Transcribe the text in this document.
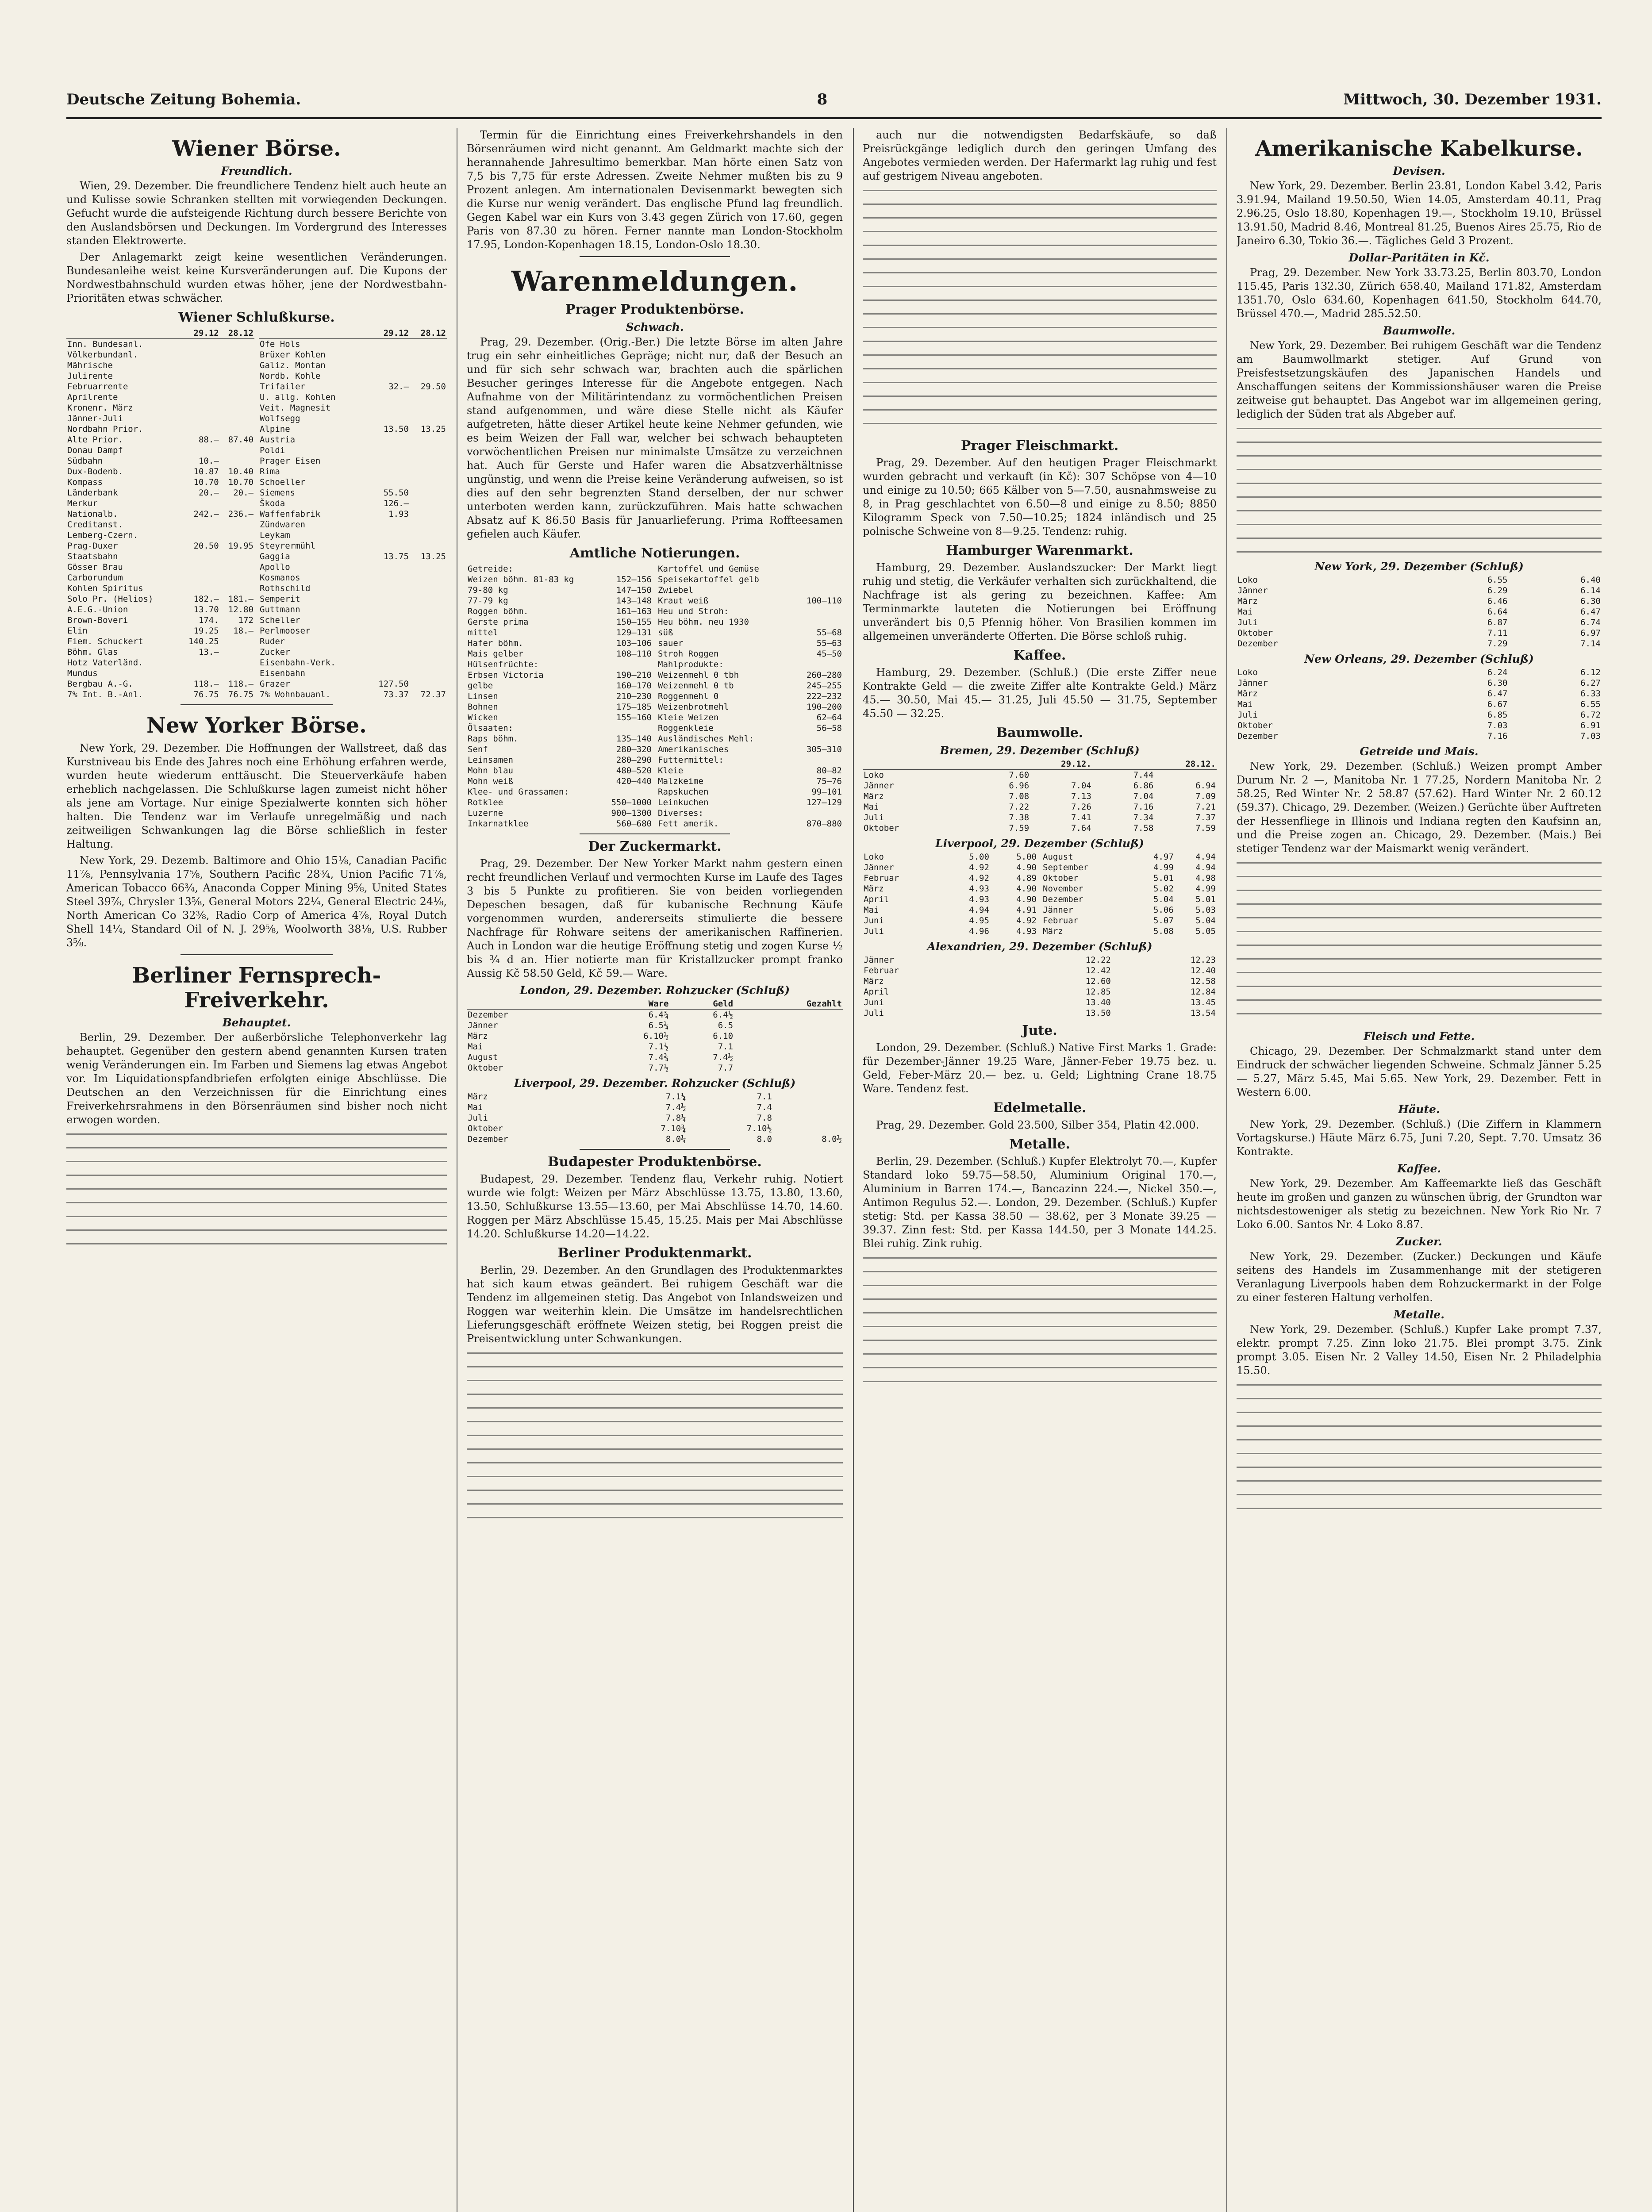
Deutsche Zeitung Bohemia.	8	Mittwoch, 30. Dezember 1931.
Wiener Börse.
Freundlich.

Wien, 29. Dezember. Die freundlichere Tendenz hielt auch heute an und Kulisse sowie Schranken stellten mit vorwiegenden Deckungen. Gefucht wurde die aufsteigende Richtung durch bessere Berichte von den Auslandsbörsen und Deckungen. Im Vordergrund des Interesses standen Elektrowerte.

Der Anlagemarkt zeigt keine wesentlichen Veränderungen. Bundesanleihe weist keine Kursveränderungen auf. Die Kupons der Nordwestbahnschuld wurden etwas höher, jene der Nordwestbahn-Prioritäten etwas schwächer.

Wiener Schlußkurse.
	29.12	28.12
Inn. Bundesanl.		
Völkerbundanl.		
Mährische		
Julirente		
Februarrente		
Aprilrente		
Kronenr. März		
Jänner-Juli		
Nordbahn Prior.		
Alte Prior.	88.—	87.40
Donau Dampf		
Südbahn	10.—	
Dux-Bodenb.	10.87	10.40
Kompass	10.70	10.70
Länderbank	20.—	20.—
Merkur		
Nationalb.	242.—	236.—
Creditanst.		
Lemberg-Czern.		
Prag-Duxer	20.50	19.95
Staatsbahn		
Gösser Brau		
Carborundum		
Kohlen Spiritus		
Solo Pr. (Helios)	182.—	181.—
A.E.G.-Union	13.70	12.80
Brown-Boveri	174.	172
Elin	19.25	18.—
Fiem. Schuckert	140.25	
Böhm. Glas	13.—	
Hotz Vaterländ.		
Mundus		
Bergbau A.-G.	118.—	118.—
7% Int. B.-Anl.	76.75	76.75
	29.12	28.12
Ofe Hols		
Brüxer Kohlen		
Galiz. Montan		
Nordb. Kohle		
Trifailer	32.—	29.50
U. allg. Kohlen		
Veit. Magnesit		
Wolfsegg		
Alpine	13.50	13.25
Austria		
Poldi		
Prager Eisen		
Rima		
Schoeller		
Siemens	55.50	
Škoda	126.—	
Waffenfabrik	1.93	
Zündwaren		
Leykam		
Steyrermühl		
Gaggia	13.75	13.25
Apollo		
Kosmanos		
Rothschild		
Semperit		
Guttmann		
Scheller		
Perlmooser		
Ruder		
Zucker		
Eisenbahn-Verk.		
Eisenbahn		
Grazer	127.50	
7% Wohnbauanl.	73.37	72.37
New Yorker Börse.

New York, 29. Dezember. Die Hoffnungen der Wallstreet, daß das Kurstniveau bis Ende des Jahres noch eine Erhöhung erfahren werde, wurden heute wiederum enttäuscht. Die Steuerverkäufe haben erheblich nachgelassen. Die Schlußkurse lagen zumeist nicht höher als jene am Vortage. Nur einige Spezialwerte konnten sich höher halten. Die Tendenz war im Verlaufe unregelmäßig und nach zeitweiligen Schwankungen lag die Börse schließlich in fester Haltung.

New York, 29. Dezemb. Baltimore and Ohio 15⅛, Canadian Pacific 11⅞, Pennsylvania 17⅝, Southern Pacific 28¾, Union Pacific 71⅞, American Tobacco 66¾, Anaconda Copper Mining 9⅝, United States Steel 39⅞, Chrysler 13⅝, General Motors 22¼, General Electric 24⅛, North American Co 32⅜, Radio Corp of America 4⅞, Royal Dutch Shell 14¼, Standard Oil of N. J. 29⅝, Woolworth 38⅛, U.S. Rubber 3⅝.

Berliner Fernsprech-Freiverkehr.
Behauptet.

Berlin, 29. Dezember. Der außerbörsliche Telephonverkehr lag behauptet. Gegenüber den gestern abend genannten Kursen traten wenig Veränderungen ein. Im Farben und Siemens lag etwas Angebot vor. Im Liquidationspfandbriefen erfolgten einige Abschlüsse. Die Deutschen an den Verzeichnissen für die Einrichtung eines Freiverkehrsrahmens in den Börsenräumen sind bisher noch nicht erwogen worden.

Termin für die Einrichtung eines Freiverkehrshandels in den Börsenräumen wird nicht genannt. Am Geldmarkt machte sich der herannahende Jahresultimo bemerkbar. Man hörte einen Satz von 7,5 bis 7,75 für erste Adressen. Zweite Nehmer mußten bis zu 9 Prozent anlegen. Am internationalen Devisenmarkt bewegten sich die Kurse nur wenig verändert. Das englische Pfund lag freundlich. Gegen Kabel war ein Kurs von 3.43 gegen Zürich von 17.60, gegen Paris von 87.30 zu hören. Ferner nannte man London-Stockholm 17.95, London-Kopenhagen 18.15, London-Oslo 18.30.

Warenmeldungen.
Prager Produktenbörse.
Schwach.

Prag, 29. Dezember. (Orig.-Ber.) Die letzte Börse im alten Jahre trug ein sehr einheitliches Gepräge; nicht nur, daß der Besuch an und für sich sehr schwach war, brachten auch die spärlichen Besucher geringes Interesse für die Angebote entgegen. Nach Aufnahme von der Militärintendanz zu vormöchentlichen Preisen stand aufgenommen, und wäre diese Stelle nicht als Käufer aufgetreten, hätte dieser Artikel heute keine Nehmer gefunden, wie es beim Weizen der Fall war, welcher bei schwach behaupteten vorwöchentlichen Preisen nur minimalste Umsätze zu verzeichnen hat. Auch für Gerste und Hafer waren die Absatzverhältnisse ungünstig, und wenn die Preise keine Veränderung aufweisen, so ist dies auf den sehr begrenzten Stand derselben, der nur schwer unterboten werden kann, zurückzuführen. Mais hatte schwachen Absatz auf K 86.50 Basis für Januarlieferung. Prima Roffteesamen gefielen auch Käufer.

Amtliche Notierungen.
Getreide:	
Weizen böhm. 81-83 kg	152—156
79-80 kg	147—150
77-79 kg	143—148
Roggen böhm.	161—163
Gerste prima	150—155
mittel	129—131
Hafer böhm.	103—106
Mais gelber	108—110
Hülsenfrüchte:	
Erbsen Victoria	190—210
gelbe	160—170
Linsen	210—230
Bohnen	175—185
Wicken	155—160
Ölsaaten:	
Raps böhm.	135—140
Senf	280—320
Leinsamen	280—290
Mohn blau	480—520
Mohn weiß	420—440
Klee- und Grassamen:	
Rotklee	550—1000
Luzerne	900—1300
Inkarnatklee	560—680
Kartoffel und Gemüse	
Speisekartoffel gelb	
Zwiebel	
Kraut weiß	100—110
Heu und Stroh:	
Heu böhm. neu 1930	
süß	55—68
sauer	55—63
Stroh Roggen	45—50
Mahlprodukte:	
Weizenmehl 0 tbh	260—280
Weizenmehl 0 tb	245—255
Roggenmehl 0	222—232
Weizenbrotmehl	190—200
Kleie Weizen	62—64
Roggenkleie	56—58
Ausländisches Mehl:	
Amerikanisches	305—310
Futtermittel:	
Kleie	80—82
Malzkeime	75—76
Rapskuchen	99—101
Leinkuchen	127—129
Diverses:	
Fett amerik.	870—880
Der Zuckermarkt.

Prag, 29. Dezember. Der New Yorker Markt nahm gestern einen recht freundlichen Verlauf und vermochten Kurse im Laufe des Tages 3 bis 5 Punkte zu profitieren. Sie von beiden vorliegenden Depeschen besagen, daß für kubanische Rechnung Käufe vorgenommen wurden, andererseits stimulierte die bessere Nachfrage für Rohware seitens der amerikanischen Raffinerien. Auch in London war die heutige Eröffnung stetig und zogen Kurse ½ bis ¾ d an. Hier notierte man für Kristallzucker prompt franko Aussig Kč 58.50 Geld, Kč 59.— Ware.

London, 29. Dezember. Rohzucker (Schluß)
	Ware	Geld	Gezahlt
Dezember	6.4¾	6.4½	
Jänner	6.5¼	6.5	
März	6.10½	6.10	
Mai	7.1½	7.1	
August	7.4¾	7.4½	
Oktober	7.7½	7.7	
Liverpool, 29. Dezember. Rohzucker (Schluß)
März	7.1¼	7.1	
Mai	7.4½	7.4	
Juli	7.8¼	7.8	
Oktober	7.10¾	7.10½	
Dezember	8.0¼	8.0	8.0½
Budapester Produktenbörse.

Budapest, 29. Dezember. Tendenz flau, Verkehr ruhig. Notiert wurde wie folgt: Weizen per März Abschlüsse 13.75, 13.80, 13.60, 13.50, Schlußkurse 13.55—13.60, per Mai Abschlüsse 14.70, 14.60. Roggen per März Abschlüsse 15.45, 15.25. Mais per Mai Abschlüsse 14.20. Schlußkurse 14.20—14.22.

Berliner Produktenmarkt.

Berlin, 29. Dezember. An den Grundlagen des Produktenmarktes hat sich kaum etwas geändert. Bei ruhigem Geschäft war die Tendenz im allgemeinen stetig. Das Angebot von Inlandsweizen und Roggen war weiterhin klein. Die Umsätze im handelsrechtlichen Lieferungsgeschäft eröffnete Weizen stetig, bei Roggen preist die Preisentwicklung unter Schwankungen.

auch nur die notwendigsten Bedarfskäufe, so daß Preisrückgänge lediglich durch den geringen Umfang des Angebotes vermieden werden. Der Hafermarkt lag ruhig und fest auf gestrigem Niveau angeboten.

Prager Fleischmarkt.

Prag, 29. Dezember. Auf den heutigen Prager Fleischmarkt wurden gebracht und verkauft (in Kč): 307 Schöpse von 4—10 und einige zu 10.50; 665 Kälber von 5—7.50, ausnahmsweise zu 8, in Prag geschlachtet von 6.50—8 und einige zu 8.50; 8850 Kilogramm Speck von 7.50—10.25; 1824 inländisch und 25 polnische Schweine von 8—9.25. Tendenz: ruhig.

Hamburger Warenmarkt.

Hamburg, 29. Dezember. Auslandszucker: Der Markt liegt ruhig und stetig, die Verkäufer verhalten sich zurückhaltend, die Nachfrage ist als gering zu bezeichnen. Kaffee: Am Terminmarkte lauteten die Notierungen bei Eröffnung unverändert bis 0,5 Pfennig höher. Von Brasilien kommen im allgemeinen unveränderte Offerten. Die Börse schloß ruhig.

Kaffee.

Hamburg, 29. Dezember. (Schluß.) (Die erste Ziffer neue Kontrakte Geld — die zweite Ziffer alte Kontrakte Geld.) März 45.— 30.50, Mai 45.— 31.25, Juli 45.50 — 31.75, September 45.50 — 32.25.

Baumwolle.
Bremen, 29. Dezember (Schluß)
	29.12.		28.12.	
Loko	7.60		7.44	
Jänner	6.96	7.04	6.86	6.94
März	7.08	7.13	7.04	7.09
Mai	7.22	7.26	7.16	7.21
Juli	7.38	7.41	7.34	7.37
Oktober	7.59	7.64	7.58	7.59
Liverpool, 29. Dezember (Schluß)
Loko	5.00	5.00
Jänner	4.92	4.90
Februar	4.92	4.89
März	4.93	4.90
April	4.93	4.90
Mai	4.94	4.91
Juni	4.95	4.92
Juli	4.96	4.93
August	4.97	4.94
September	4.99	4.94
Oktober	5.01	4.98
November	5.02	4.99
Dezember	5.04	5.01
Jänner	5.06	5.03
Februar	5.07	5.04
März	5.08	5.05
Alexandrien, 29. Dezember (Schluß)
Jänner	12.22	12.23
Februar	12.42	12.40
März	12.60	12.58
April	12.85	12.84
Juni	13.40	13.45
Juli	13.50	13.54
Jute.

London, 29. Dezember. (Schluß.) Native First Marks 1. Grade: für Dezember-Jänner 19.25 Ware, Jänner-Feber 19.75 bez. u. Geld, Feber-März 20.— bez. u. Geld; Lightning Crane 18.75 Ware. Tendenz fest.

Edelmetalle.

Prag, 29. Dezember. Gold 23.500, Silber 354, Platin 42.000.

Metalle.

Berlin, 29. Dezember. (Schluß.) Kupfer Elektrolyt 70.—, Kupfer Standard loko 59.75—58.50, Aluminium Original 170.—, Aluminium in Barren 174.—, Bancazinn 224.—, Nickel 350.—, Antimon Regulus 52.—. London, 29. Dezember. (Schluß.) Kupfer stetig: Std. per Kassa 38.50 — 38.62, per 3 Monate 39.25 — 39.37. Zinn fest: Std. per Kassa 144.50, per 3 Monate 144.25. Blei ruhig. Zink ruhig.

Amerikanische Kabelkurse.
Devisen.

New York, 29. Dezember. Berlin 23.81, London Kabel 3.42, Paris 3.91.94, Mailand 19.50.50, Wien 14.05, Amsterdam 40.11, Prag 2.96.25, Oslo 18.80, Kopenhagen 19.—, Stockholm 19.10, Brüssel 13.91.50, Madrid 8.46, Montreal 81.25, Buenos Aires 25.75, Rio de Janeiro 6.30, Tokio 36.—. Tägliches Geld 3 Prozent.

Dollar-Paritäten in Kč.

Prag, 29. Dezember. New York 33.73.25, Berlin 803.70, London 115.45, Paris 132.30, Zürich 658.40, Mailand 171.82, Amsterdam 1351.70, Oslo 634.60, Kopenhagen 641.50, Stockholm 644.70, Brüssel 470.—, Madrid 285.52.50.

Baumwolle.

New York, 29. Dezember. Bei ruhigem Geschäft war die Tendenz am Baumwollmarkt stetiger. Auf Grund von Preisfestsetzungskäufen des Japanischen Handels und Anschaffungen seitens der Kommissionshäuser waren die Preise zeitweise gut behauptet. Das Angebot war im allgemeinen gering, lediglich der Süden trat als Abgeber auf.

New York, 29. Dezember (Schluß)
Loko	6.55	6.40
Jänner	6.29	6.14
März	6.46	6.30
Mai	6.64	6.47
Juli	6.87	6.74
Oktober	7.11	6.97
Dezember	7.29	7.14
New Orleans, 29. Dezember (Schluß)
Loko	6.24	6.12
Jänner	6.30	6.27
März	6.47	6.33
Mai	6.67	6.55
Juli	6.85	6.72
Oktober	7.03	6.91
Dezember	7.16	7.03
Getreide und Mais.

New York, 29. Dezember. (Schluß.) Weizen prompt Amber Durum Nr. 2 —, Manitoba Nr. 1 77.25, Nordern Manitoba Nr. 2 58.25, Red Winter Nr. 2 58.87 (57.62). Hard Winter Nr. 2 60.12 (59.37). Chicago, 29. Dezember. (Weizen.) Gerüchte über Auftreten der Hessenfliege in Illinois und Indiana regten den Kaufsinn an, und die Preise zogen an. Chicago, 29. Dezember. (Mais.) Bei stetiger Tendenz war der Maismarkt wenig verändert.

Fleisch und Fette.

Chicago, 29. Dezember. Der Schmalzmarkt stand unter dem Eindruck der schwächer liegenden Schweine. Schmalz Jänner 5.25 — 5.27, März 5.45, Mai 5.65. New York, 29. Dezember. Fett in Western 6.00.

Häute.

New York, 29. Dezember. (Schluß.) (Die Ziffern in Klammern Vortagskurse.) Häute März 6.75, Juni 7.20, Sept. 7.70. Umsatz 36 Kontrakte.

Kaffee.

New York, 29. Dezember. Am Kaffeemarkte ließ das Geschäft heute im großen und ganzen zu wünschen übrig, der Grundton war nichtsdestoweniger als stetig zu bezeichnen. New York Rio Nr. 7 Loko 6.00. Santos Nr. 4 Loko 8.87.

Zucker.

New York, 29. Dezember. (Zucker.) Deckungen und Käufe seitens des Handels im Zusammenhange mit der stetigeren Veranlagung Liverpools haben dem Rohzuckermarkt in der Folge zu einer festeren Haltung verholfen.

Metalle.

New York, 29. Dezember. (Schluß.) Kupfer Lake prompt 7.37, elektr. prompt 7.25. Zinn loko 21.75. Blei prompt 3.75. Zink prompt 3.05. Eisen Nr. 2 Valley 14.50, Eisen Nr. 2 Philadelphia 15.50.
